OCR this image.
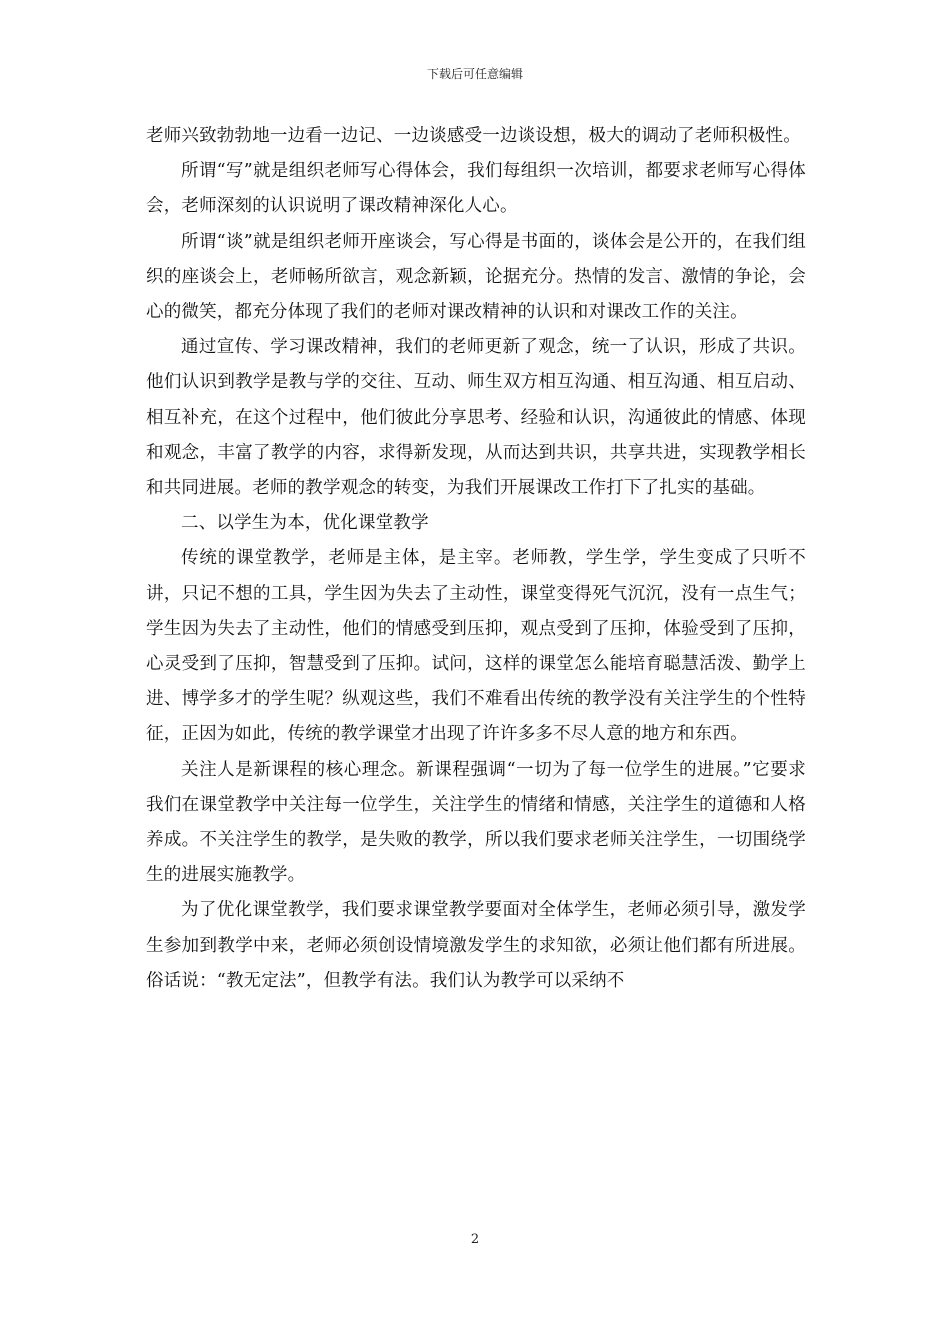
下载后可任意编辑

老师兴致勃勃地一边看一边记、一边谈感受一边谈设想，极大的调动了老师积极性。

所谓“写”就是组织老师写心得体会，我们每组织一次培训，都要求老师写心得体会，老师深刻的认识说明了课改精神深化人心。

所谓“谈”就是组织老师开座谈会，写心得是书面的，谈体会是公开的，在我们组织的座谈会上，老师畅所欲言，观念新颖，论据充分。热情的发言、激情的争论，会心的微笑，都充分体现了我们的老师对课改精神的认识和对课改工作的关注。

通过宣传、学习课改精神，我们的老师更新了观念，统一了认识，形成了共识。他们认识到教学是教与学的交往、互动、师生双方相互沟通、相互沟通、相互启动、相互补充，在这个过程中，他们彼此分享思考、经验和认识，沟通彼此的情感、体现和观念，丰富了教学的内容，求得新发现，从而达到共识，共享共进，实现教学相长和共同进展。老师的教学观念的转变，为我们开展课改工作打下了扎实的基础。

二、以学生为本，优化课堂教学

传统的课堂教学，老师是主体，是主宰。老师教，学生学，学生变成了只听不讲，只记不想的工具，学生因为失去了主动性，课堂变得死气沉沉，没有一点生气；学生因为失去了主动性，他们的情感受到压抑，观点受到了压抑，体验受到了压抑，心灵受到了压抑，智慧受到了压抑。试问，这样的课堂怎么能培育聪慧活泼、勤学上进、博学多才的学生呢？纵观这些，我们不难看出传统的教学没有关注学生的个性特征，正因为如此，传统的教学课堂才出现了许许多多不尽人意的地方和东西。

关注人是新课程的核心理念。新课程强调“一切为了每一位学生的进展。”它要求我们在课堂教学中关注每一位学生，关注学生的情绪和情感，关注学生的道德和人格养成。不关注学生的教学，是失败的教学，所以我们要求老师关注学生，一切围绕学生的进展实施教学。

为了优化课堂教学，我们要求课堂教学要面对全体学生，老师必须引导，激发学生参加到教学中来，老师必须创设情境激发学生的求知欲，必须让他们都有所进展。俗话说：“教无定法”，但教学有法。我们认为教学可以采纳不

2
